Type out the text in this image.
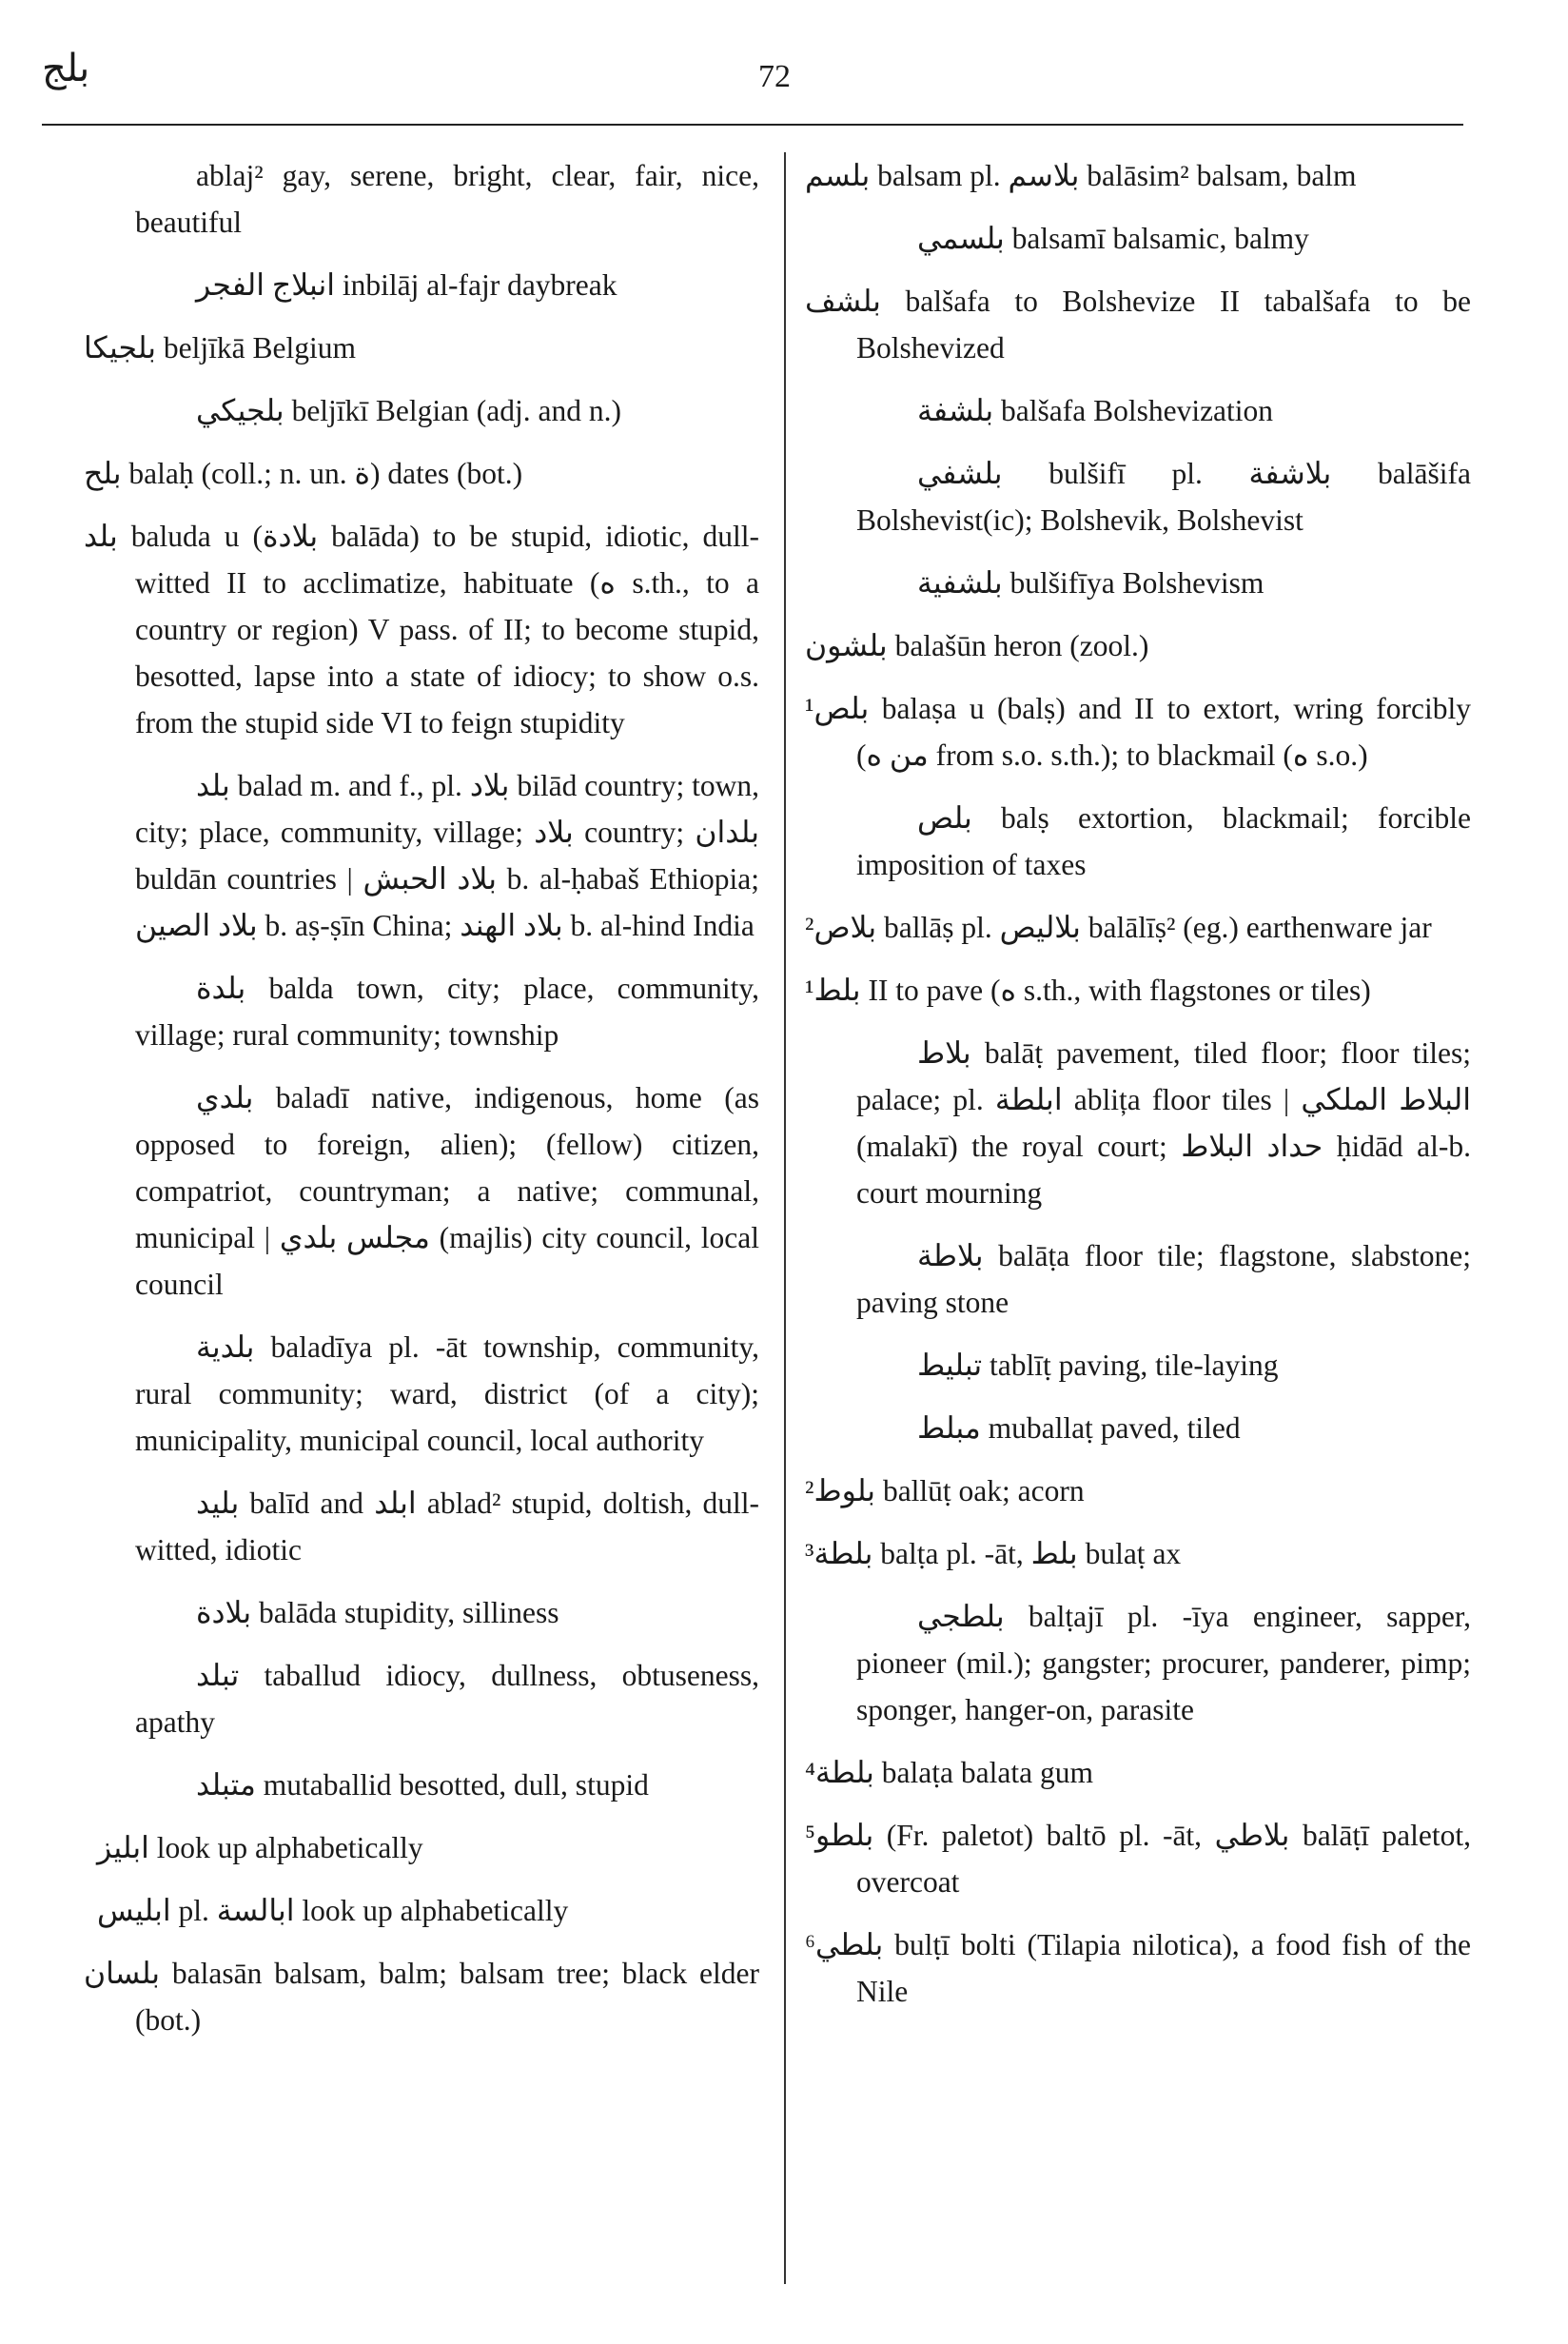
بلج	72

ablaj² gay, serene, bright, clear, fair, nice, beautiful

انبلاج الفجر inbilāj al-fajr daybreak

بلجيكا beljīkā Belgium

بلجيكي beljīkī Belgian (adj. and n.)

بلح balaḥ (coll.; n. un. ة) dates (bot.)

بلد baluda u (بلادة balāda) to be stupid, idiotic, dull-witted II to acclimatize, habituate (ه s.th., to a country or region) V pass. of II; to become stupid, besotted, lapse into a state of idiocy; to show o.s. from the stupid side VI to feign stupidity

بلد balad m. and f., pl. بلاد bilād country; town, city; place, community, village; بلاد country; بلدان buldān countries | بلاد الحبش b. al-ḥabaš Ethiopia; بلاد الصين b. aṣ-ṣīn China; بلاد الهند b. al-hind India

بلدة balda town, city; place, community, village; rural community; township

بلدي baladī native, indigenous, home (as opposed to foreign, alien); (fellow) citizen, compatriot, countryman; a native; communal, municipal | مجلس بلدي (majlis) city council, local council

بلدية baladīya pl. -āt township, community, rural community; ward, district (of a city); municipality, municipal council, local authority

بليد balīd and ابلد ablad² stupid, doltish, dull-witted, idiotic

بلادة balāda stupidity, silliness

تبلد taballud idiocy, dullness, obtuseness, apathy

متبلد mutaballid besotted, dull, stupid

ابليز look up alphabetically

ابليس pl. ابالسة look up alphabetically

بلسان balasān balsam, balm; balsam tree; black elder (bot.)

بلسم balsam pl. بلاسم balāsim² balsam, balm

بلسمي balsamī balsamic, balmy

بلشف balšafa to Bolshevize II tabalšafa to be Bolshevized

بلشفة balšafa Bolshevization

بلشفي bulšifī pl. بلاشفة balāšifa Bolshevist(ic); Bolshevik, Bolshevist

بلشفية bulšifīya Bolshevism

بلشون balašūn heron (zool.)

¹بلص balaṣa u (balṣ) and II to extort, wring forcibly (من ه from s.o. s.th.); to blackmail (ه s.o.)

بلص balṣ extortion, blackmail; forcible imposition of taxes

²بلاص ballāṣ pl. بلاليص balālīṣ² (eg.) earthenware jar

¹بلط II to pave (ه s.th., with flagstones or tiles)

بلاط balāṭ pavement, tiled floor; floor tiles; palace; pl. ابلطة ablița floor tiles | البلاط الملكي (malakī) the royal court; حداد البلاط ḥidād al-b. court mourning

بلاطة balāṭa floor tile; flagstone, slabstone; paving stone

تبليط tablīṭ paving, tile-laying

مبلط muballaṭ paved, tiled

²بلوط ballūṭ oak; acorn

³بلطة balṭa pl. -āt, بلط bulaṭ ax

بلطجي balṭajī pl. -īya engineer, sapper, pioneer (mil.); gangster; procurer, panderer, pimp; sponger, hanger-on, parasite

⁴بلطة balaṭa balata gum

⁵بلطو (Fr. paletot) baltō pl. -āt, بلاطي balāṭī paletot, overcoat

⁶بلطي bulṭī bolti (Tilapia nilotica), a food fish of the Nile
